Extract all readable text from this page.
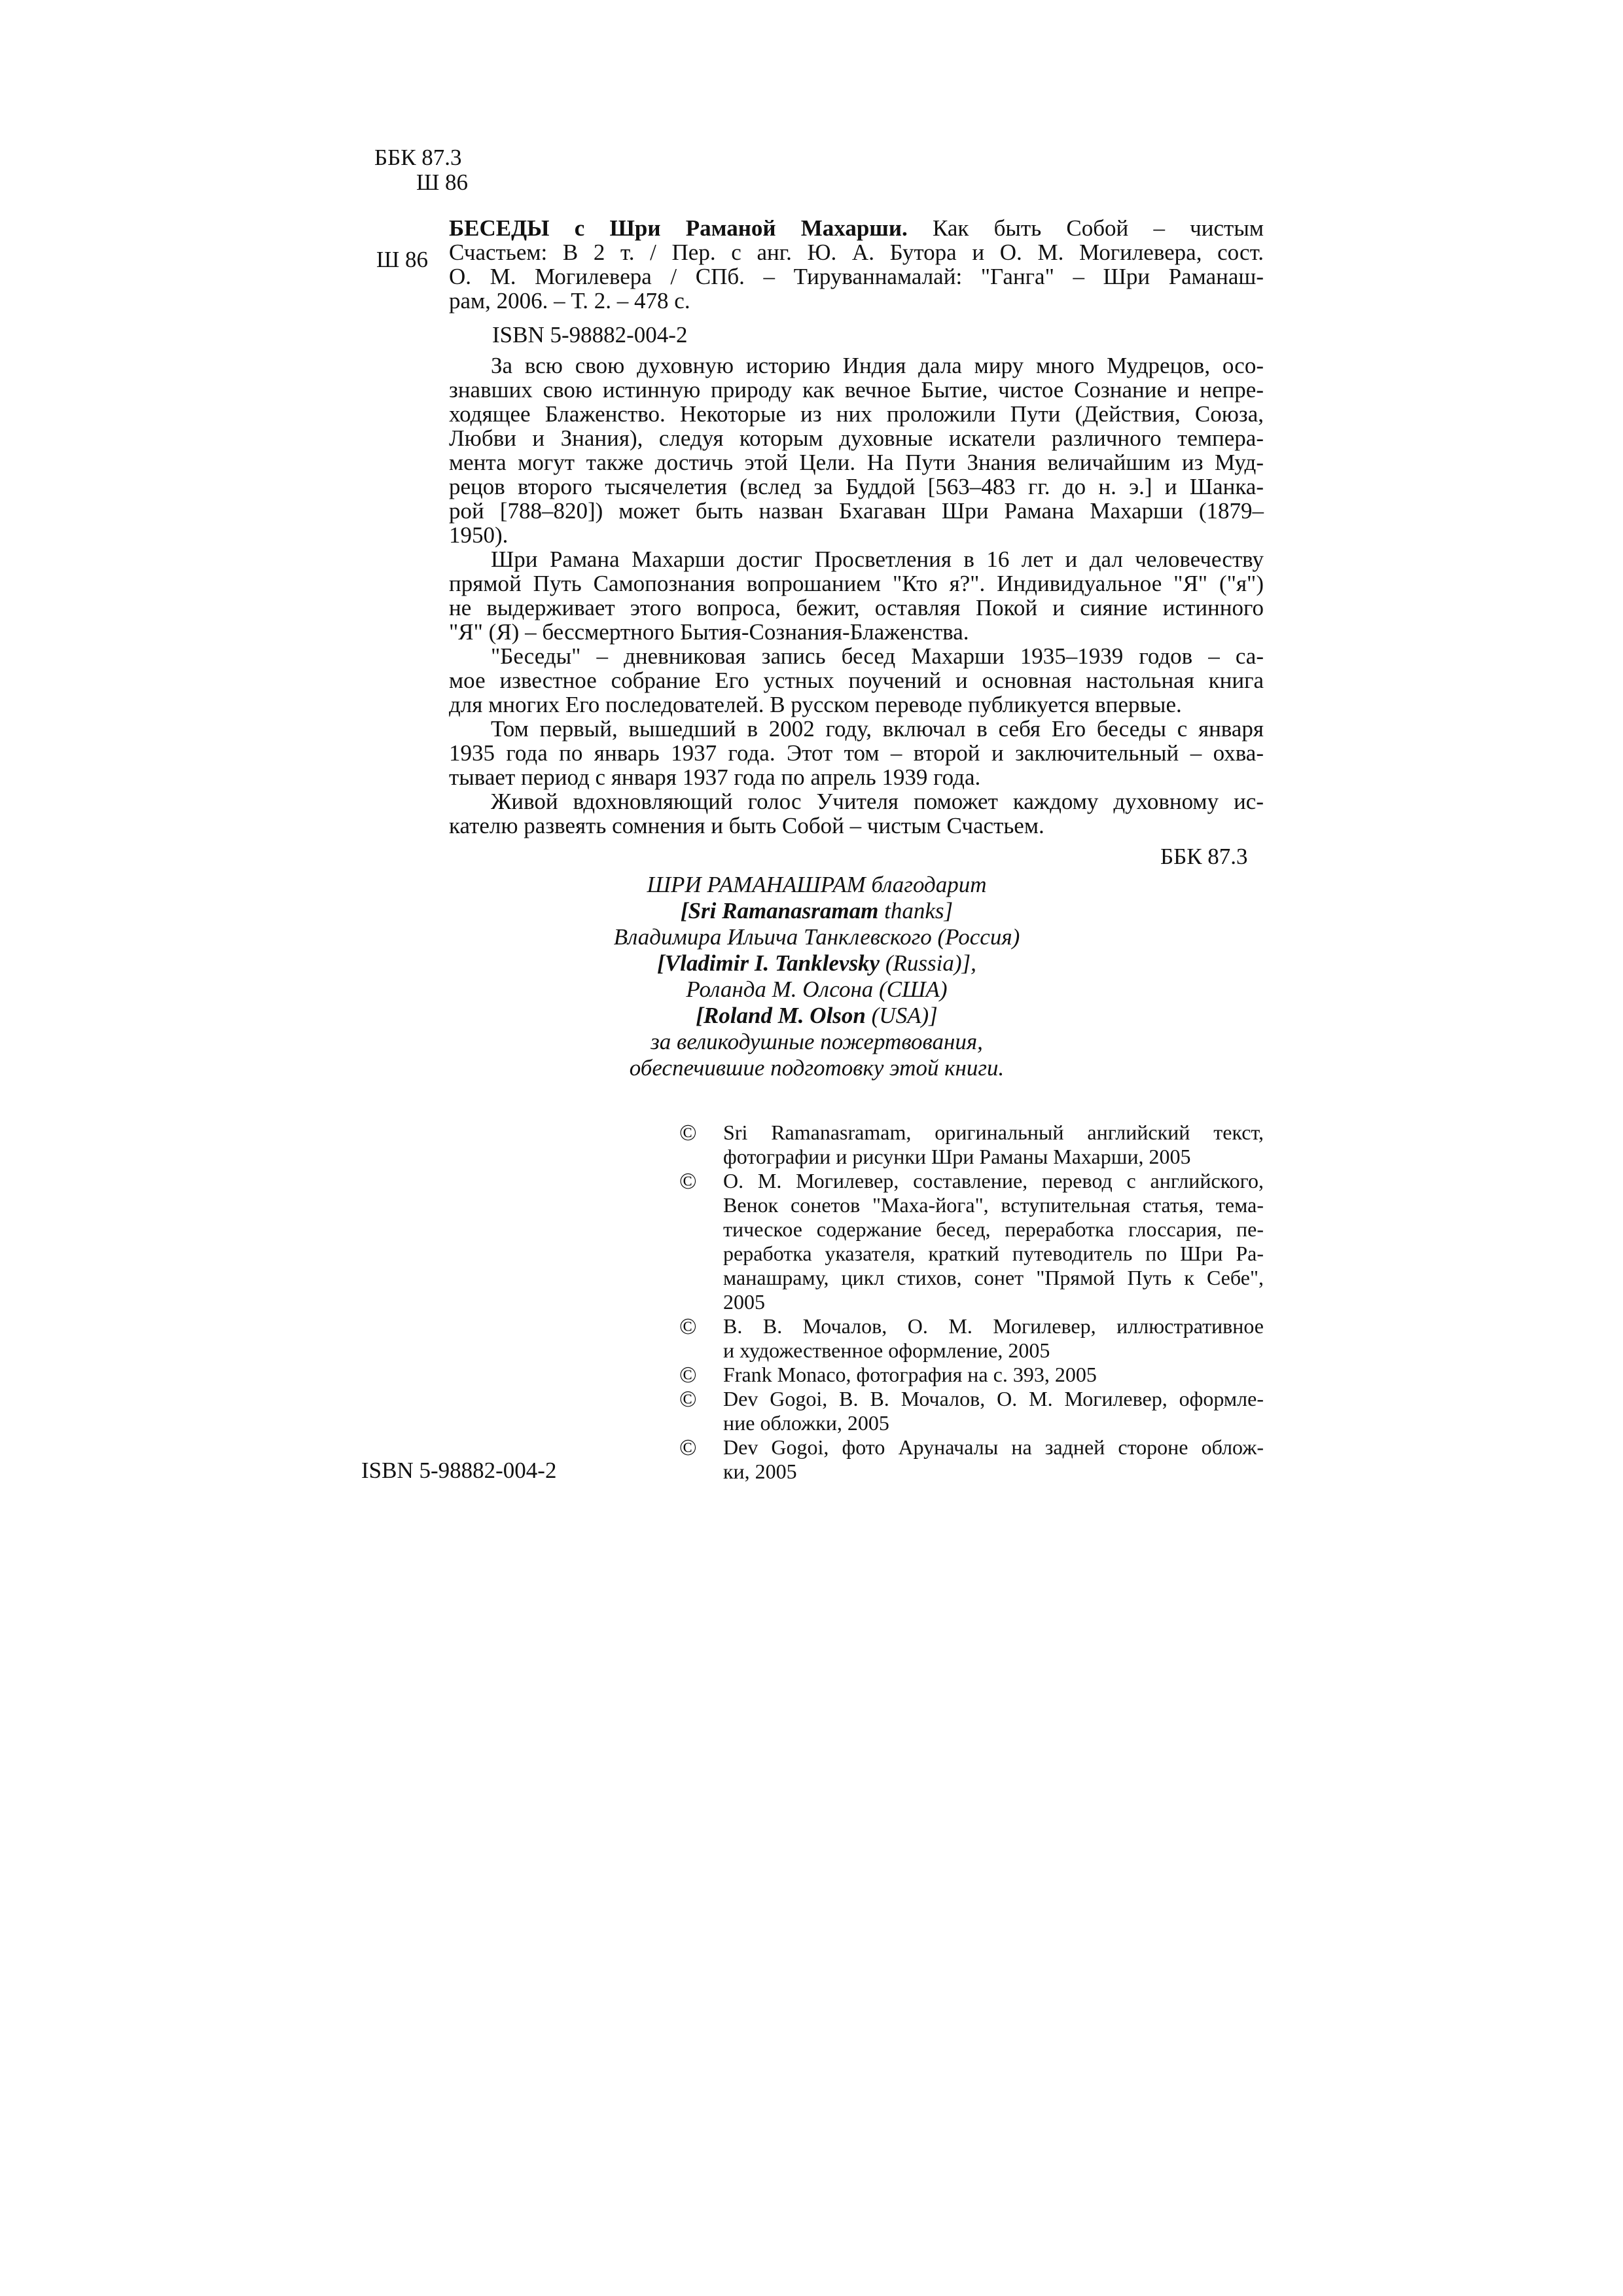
ББК 87.3
Ш 86
Ш 86
БЕСЕДЫ с Шри Раманой Махарши. Как быть Собой – чистым
Счастьем: В 2 т. / Пер. с анг. Ю. А. Бутора и О. М. Могилевера, сост.
О. М. Могилевера / СПб. – Тируваннамалай: "Ганга" – Шри Раманаш-
рам, 2006. – Т. 2. – 478 с.
ISBN 5-98882-004-2
За всю свою духовную историю Индия дала миру много Мудрецов, осо-
знавших свою истинную природу как вечное Бытие, чистое Сознание и непре-
ходящее Блаженство. Некоторые из них проложили Пути (Действия, Союза,
Любви и Знания), следуя которым духовные искатели различного темпера-
мента могут также достичь этой Цели. На Пути Знания величайшим из Муд-
рецов второго тысячелетия (вслед за Буддой [563–483 гг. до н. э.] и Шанка-
рой [788–820]) может быть назван Бхагаван Шри Рамана Махарши (1879–
1950).
Шри Рамана Махарши достиг Просветления в 16 лет и дал человечеству
прямой Путь Самопознания вопрошанием "Кто я?". Индивидуальное "Я" ("я")
не выдерживает этого вопроса, бежит, оставляя Покой и сияние истинного
"Я" (Я) – бессмертного Бытия-Сознания-Блаженства.
"Беседы" – дневниковая запись бесед Махарши 1935–1939 годов – са-
мое известное собрание Его устных поучений и основная настольная книга
для многих Его последователей. В русском переводе публикуется впервые.
Том первый, вышедший в 2002 году, включал в себя Его беседы с января
1935 года по январь 1937 года. Этот том – второй и заключительный – охва-
тывает период с января 1937 года по апрель 1939 года.
Живой вдохновляющий голос Учителя поможет каждому духовному ис-
кателю развеять сомнения и быть Собой – чистым Счастьем.
ББК 87.3
ШРИ РАМАНАШРАМ благодарит
[Sri Ramanasramam thanks]
Владимира Ильича Танклевского (Россия)
[Vladimir I. Tanklevsky (Russia)],
Роланда М. Олсона (США)
[Roland M. Olson (USA)]
за великодушные пожертвования,
обеспечившие подготовку этой книги.
© Sri Ramanasramam, оригинальный английский текст,
фотографии и рисунки Шри Раманы Махарши, 2005
© О. М. Могилевер, составление, перевод с английского,
Венок сонетов "Маха-йога", вступительная статья, тема-
тическое содержание бесед, переработка глоссария, пе-
реработка указателя, краткий путеводитель по Шри Ра-
манашраму, цикл стихов, сонет "Прямой Путь к Себе",
2005
© В. В. Мочалов, О. М. Могилевер, иллюстративное
и художественное оформление, 2005
© Frank Monaco, фотография на с. 393, 2005
© Dev Gogoi, В. В. Мочалов, О. М. Могилевер, оформле-
ние обложки, 2005
© Dev Gogoi, фото Аруначалы на задней стороне облож-
ки, 2005
ISBN 5-98882-004-2
